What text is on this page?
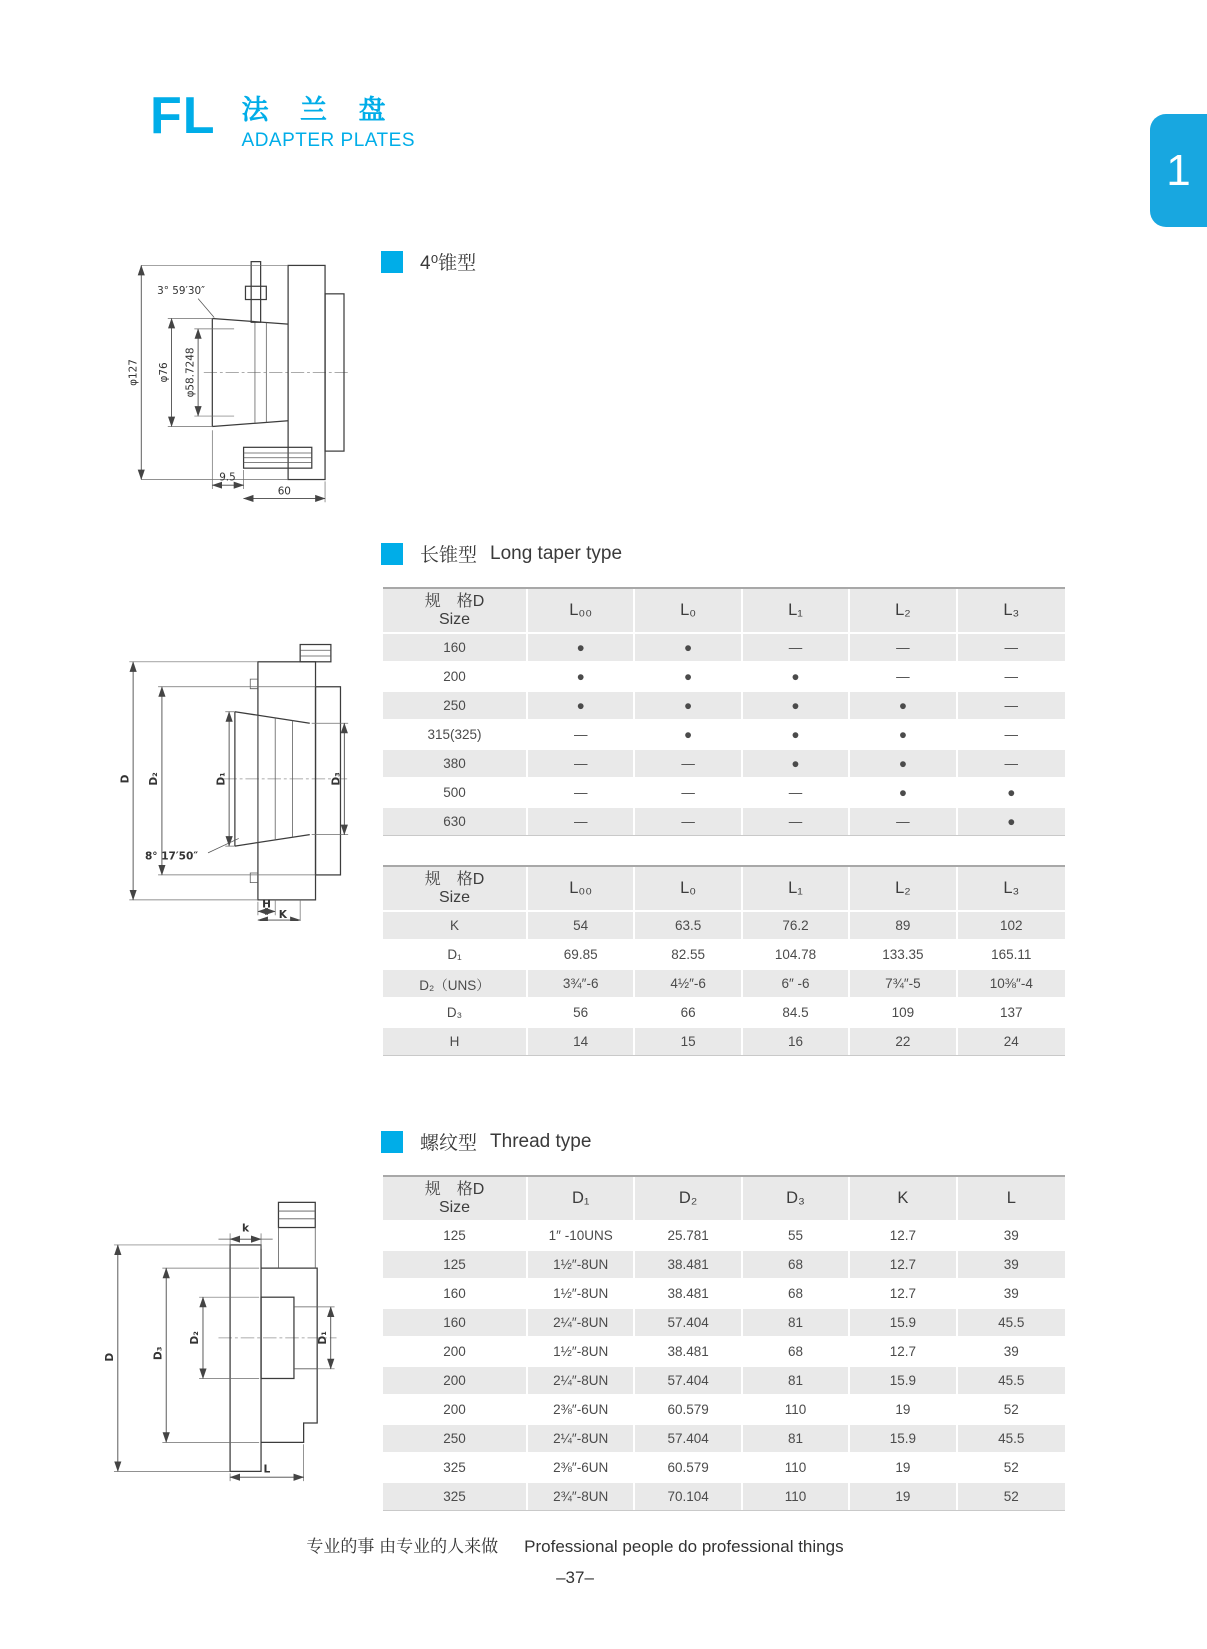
FL 法 兰 盘
ADAPTER PLATES
1
4⁰锥型
φ127 φ76 φ58.7248
3° 59′30″
9.5
60
长锥型 Long taper type
D D₂	D₁	D₃
8° 17′50″
H
K
规　格D
Size	L₀₀	L₀	L₁	L₂	L₃
160	●	●	—	—	—
200	●	●	●	—	—
250	●	●	●	●	—
315(325)	—	●	●	●	—
380	—	—	●	●	—
500	—	—	—	●	●
630	—	—	—	—	●
规　格D
Size	L₀₀	L₀	L₁	L₂	L₃
K	54	63.5	76.2	89	102
D₁	69.85	82.55	104.78	133.35	165.11
D₂（UNS）	3¾″-6	4½″-6	6″ -6	7¾″-5	10⅜″-4
D₃	56	66	84.5	109	137
H	14	15	16	22	24
螺纹型 Thread type
D	D₃
D₂	D₁
k
L
规　格D
Size	D₁	D₂	D₃	K	L
125	1″ -10UNS	25.781	55	12.7	39
125	1½″-8UN	38.481	68	12.7	39
160	1½″-8UN	38.481	68	12.7	39
160	2¼″-8UN	57.404	81	15.9	45.5
200	1½″-8UN	38.481	68	12.7	39
200	2¼″-8UN	57.404	81	15.9	45.5
200	2⅜″-6UN	60.579	110	19	52
250	2¼″-8UN	57.404	81	15.9	45.5
325	2⅜″-6UN	60.579	110	19	52
325	2¾″-8UN	70.104	110	19	52
专业的事 由专业的人来做 Professional people do professional things
–37–
